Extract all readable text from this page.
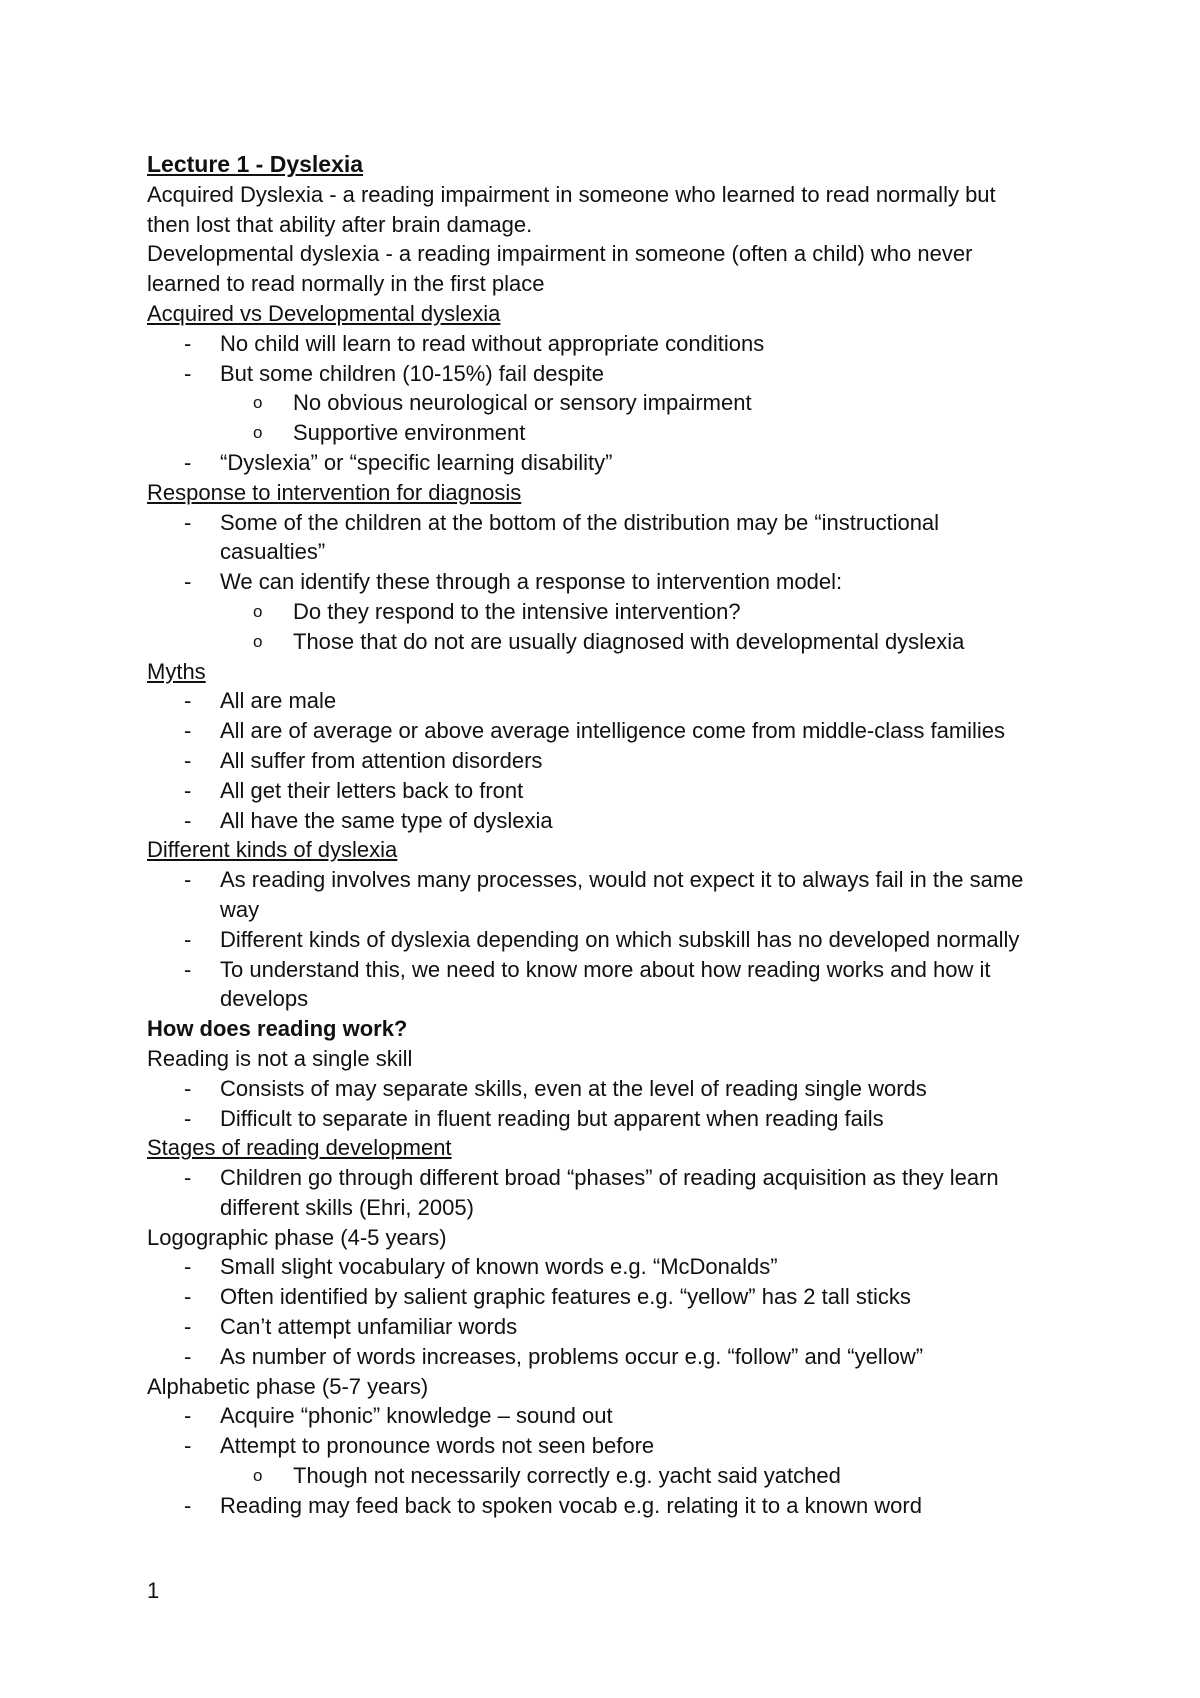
Lecture 1 - Dyslexia
Acquired Dyslexia - a reading impairment in someone who learned to read normally but
then lost that ability after brain damage.
Developmental dyslexia - a reading impairment in someone (often a child) who never
learned to read normally in the first place
Acquired vs Developmental dyslexia
- No child will learn to read without appropriate conditions
- But some children (10-15%) fail despite
o No obvious neurological or sensory impairment
o Supportive environment
- “Dyslexia” or “specific learning disability”
Response to intervention for diagnosis
- Some of the children at the bottom of the distribution may be “instructional casualties”
- We can identify these through a response to intervention model:
o Do they respond to the intensive intervention?
o Those that do not are usually diagnosed with developmental dyslexia
Myths
- All are male
- All are of average or above average intelligence come from middle-class families
- All suffer from attention disorders
- All get their letters back to front
- All have the same type of dyslexia
Different kinds of dyslexia
- As reading involves many processes, would not expect it to always fail in the same way
- Different kinds of dyslexia depending on which subskill has no developed normally
- To understand this, we need to know more about how reading works and how it develops
How does reading work?
Reading is not a single skill
- Consists of may separate skills, even at the level of reading single words
- Difficult to separate in fluent reading but apparent when reading fails
Stages of reading development
- Children go through different broad “phases” of reading acquisition as they learn different skills (Ehri, 2005)
Logographic phase (4-5 years)
- Small slight vocabulary of known words e.g. “McDonalds”
- Often identified by salient graphic features e.g. “yellow” has 2 tall sticks
- Can’t attempt unfamiliar words
- As number of words increases, problems occur e.g. “follow” and “yellow”
Alphabetic phase (5-7 years)
- Acquire “phonic” knowledge – sound out
- Attempt to pronounce words not seen before
o Though not necessarily correctly e.g. yacht said yatched
- Reading may feed back to spoken vocab e.g. relating it to a known word
1
